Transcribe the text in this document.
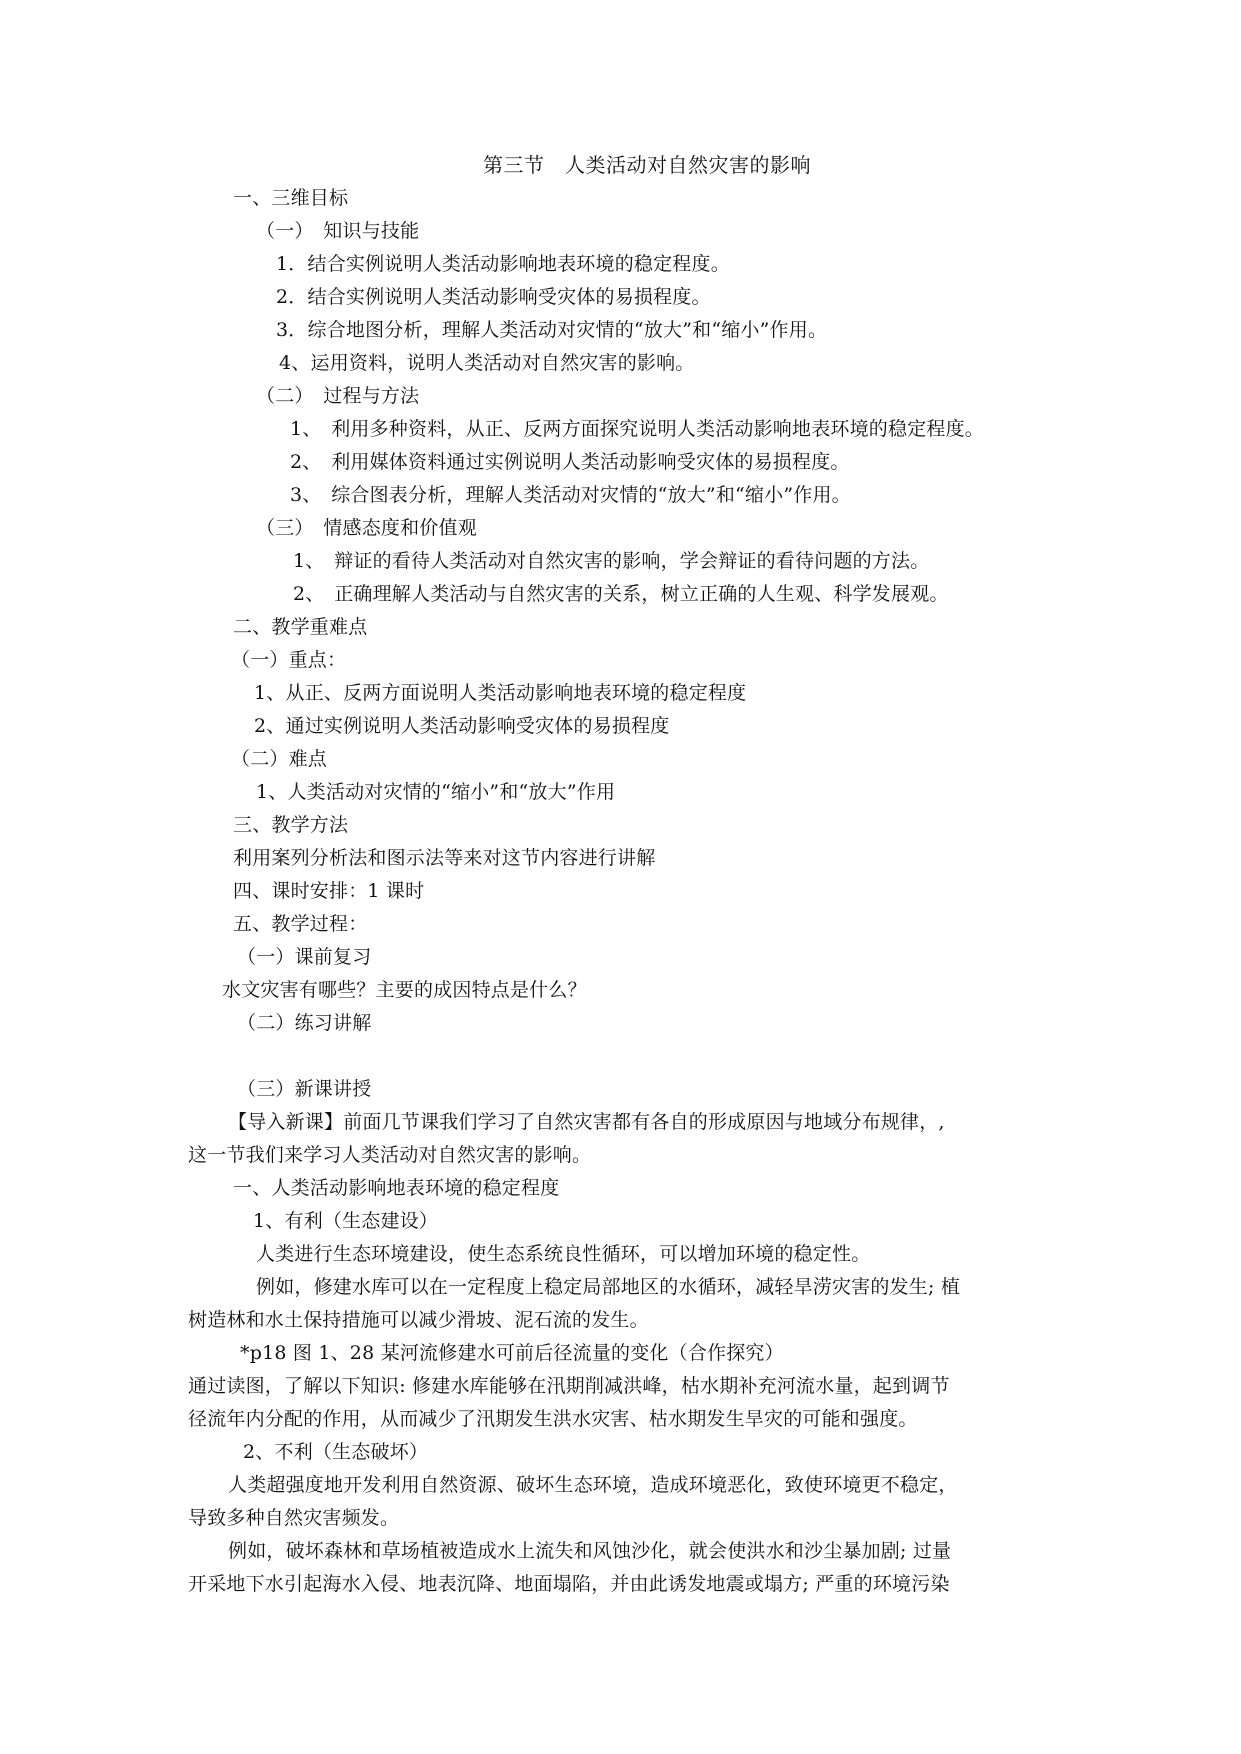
第三节　人类活动对自然灾害的影响
一、三维目标
（一）　知识与技能
1．结合实例说明人类活动影响地表环境的稳定程度。
2．结合实例说明人类活动影响受灾体的易损程度。
3．综合地图分析，理解人类活动对灾情的“放大”和“缩小”作用。
4、运用资料，说明人类活动对自然灾害的影响。
（二）　过程与方法
1、　利用多种资料，从正、反两方面探究说明人类活动影响地表环境的稳定程度。
2、　利用媒体资料通过实例说明人类活动影响受灾体的易损程度。
3、　综合图表分析，理解人类活动对灾情的“放大”和“缩小”作用。
（三）　情感态度和价值观
1、　辩证的看待人类活动对自然灾害的影响，学会辩证的看待问题的方法。
2、　正确理解人类活动与自然灾害的关系，树立正确的人生观、科学发展观。
二、教学重难点
（一）重点：
1、从正、反两方面说明人类活动影响地表环境的稳定程度
2、通过实例说明人类活动影响受灾体的易损程度
（二）难点
1、人类活动对灾情的“缩小”和“放大”作用
三、教学方法
利用案列分析法和图示法等来对这节内容进行讲解
四、课时安排：1 课时
五、教学过程：
（一）课前复习
水文灾害有哪些？主要的成因特点是什么？
（二）练习讲解
（三）新课讲授
【导入新课】前面几节课我们学习了自然灾害都有各自的形成原因与地域分布规律，,
这一节我们来学习人类活动对自然灾害的影响。
一、人类活动影响地表环境的稳定程度
1、有利（生态建设）
人类进行生态环境建设，使生态系统良性循环，可以增加环境的稳定性。
例如，修建水库可以在一定程度上稳定局部地区的水循环，减轻旱涝灾害的发生; 植
树造林和水土保持措施可以减少滑坡、泥石流的发生。
*p18 图 1、28 某河流修建水可前后径流量的变化（合作探究）
通过读图，了解以下知识: 修建水库能够在汛期削减洪峰，枯水期补充河流水量，起到调节
径流年内分配的作用，从而减少了汛期发生洪水灾害、枯水期发生旱灾的可能和强度。
2、不利（生态破坏）
人类超强度地开发利用自然资源、破坏生态环境，造成环境恶化，致使环境更不稳定，
导致多种自然灾害频发。
例如，破坏森林和草场植被造成水上流失和风蚀沙化，就会使洪水和沙尘暴加剧; 过量
开采地下水引起海水入侵、地表沉降、地面塌陷，并由此诱发地震或塌方; 严重的环境污染
